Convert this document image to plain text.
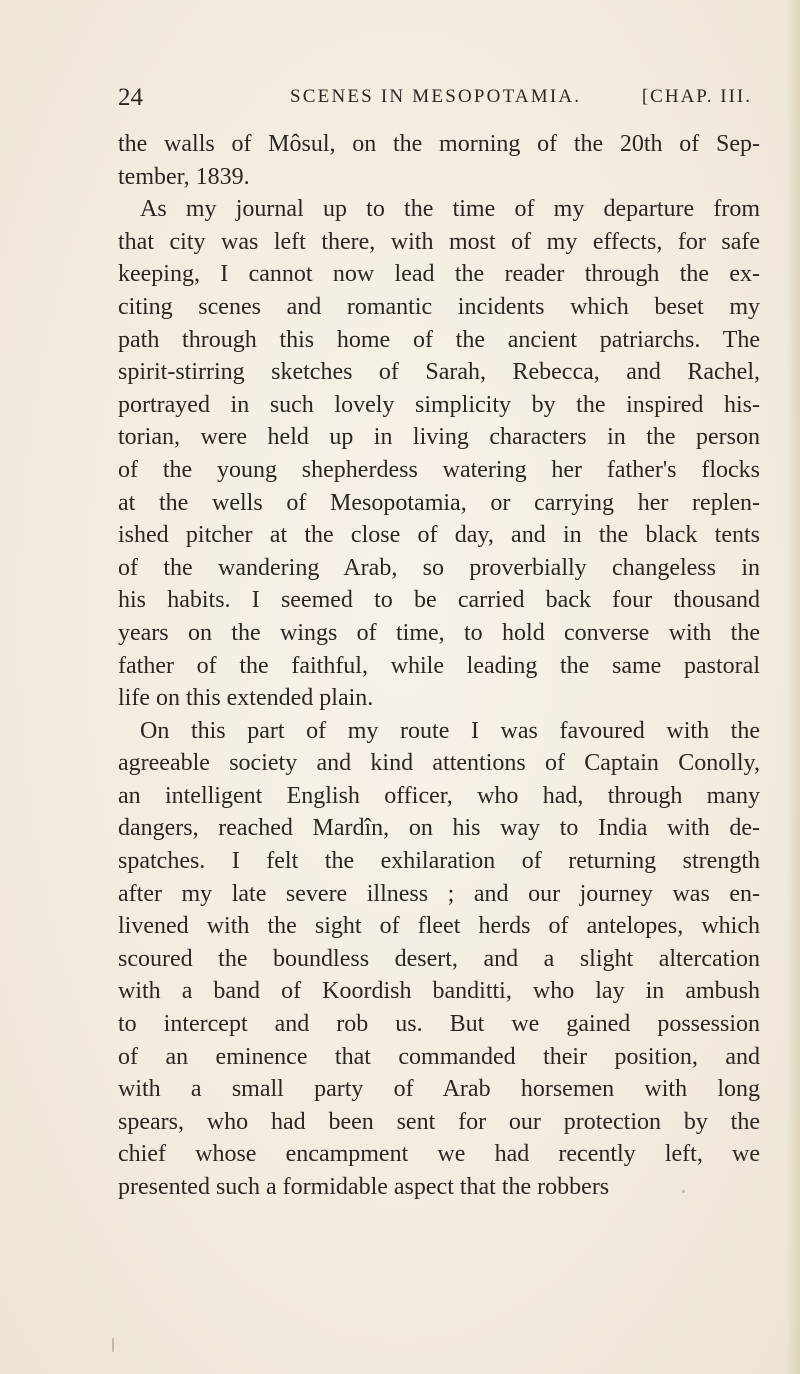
24	SCENES IN MESOPOTAMIA.	[CHAP. III.
the walls of Môsul, on the morning of the 20th of Sep-
tember, 1839.
As my journal up to the time of my departure from
that city was left there, with most of my effects, for safe
keeping, I cannot now lead the reader through the ex-
citing scenes and romantic incidents which beset my
path through this home of the ancient patriarchs. The
spirit-stirring sketches of Sarah, Rebecca, and Rachel,
portrayed in such lovely simplicity by the inspired his-
torian, were held up in living characters in the person
of the young shepherdess watering her father's flocks
at the wells of Mesopotamia, or carrying her replen-
ished pitcher at the close of day, and in the black tents
of the wandering Arab, so proverbially changeless in
his habits. I seemed to be carried back four thousand
years on the wings of time, to hold converse with the
father of the faithful, while leading the same pastoral
life on this extended plain.
On this part of my route I was favoured with the
agreeable society and kind attentions of Captain Conolly,
an intelligent English officer, who had, through many
dangers, reached Mardîn, on his way to India with de-
spatches. I felt the exhilaration of returning strength
after my late severe illness ; and our journey was en-
livened with the sight of fleet herds of antelopes, which
scoured the boundless desert, and a slight altercation
with a band of Koordish banditti, who lay in ambush
to intercept and rob us. But we gained possession
of an eminence that commanded their position, and
with a small party of Arab horsemen with long
spears, who had been sent for our protection by the
chief whose encampment we had recently left, we
presented such a formidable aspect that the robbers
